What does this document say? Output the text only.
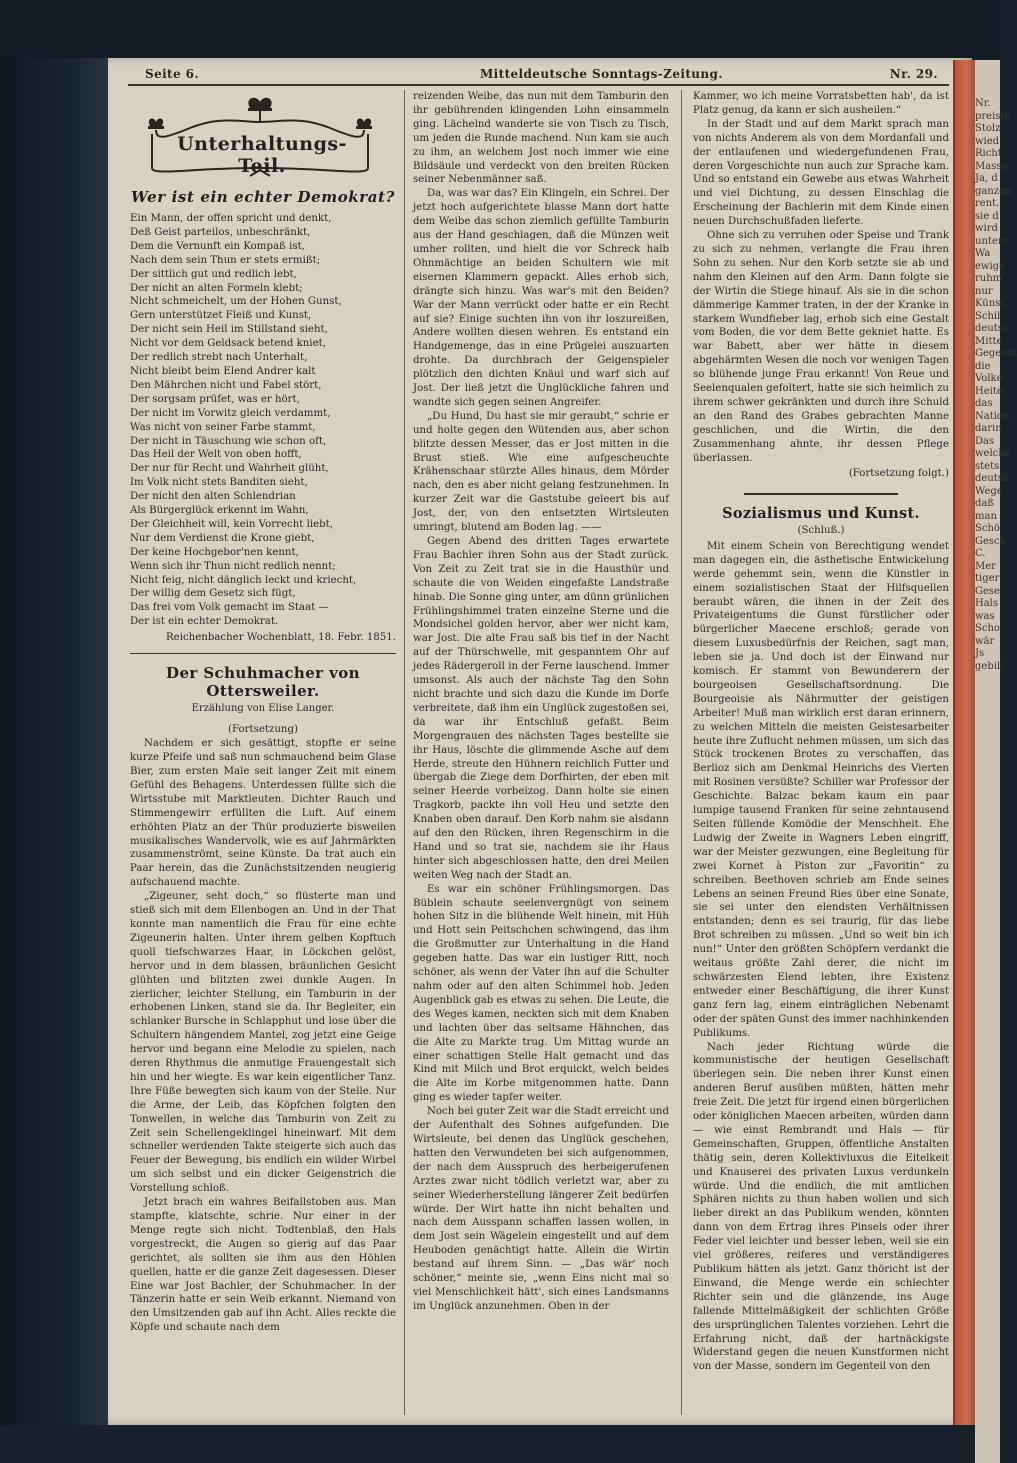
Nr.
preiste
Stolz
wied.
Richt
Masse
Ja, d
ganzen
rent.
sie d
wird
unters
Wa
ewige
ruhm
nur
Künst
Schil
deutsc
Mitte
Gegenst
die
Volke
Heite
das
Nation
darin
Das
welche
stets
deutsc
Wege
daß
man
Schö
Gesch
C.
Mer
tiger
Gese
Hals
was
Scho
wär
Js
gebili
Seite 6.	Mitteldeutsche Sonntags-Zeitung.	Nr. 29.
Unterhaltungs-Teil.
Wer ist ein echter Demokrat?
Ein Mann, der offen spricht und denkt,
Deß Geist parteilos, unbeschränkt,
Dem die Vernunft ein Kompaß ist,
Nach dem sein Thun er stets ermißt;
Der sittlich gut und redlich lebt,
Der nicht an alten Formeln klebt;
Nicht schmeichelt, um der Hohen Gunst,
Gern unterstützet Fleiß und Kunst,
Der nicht sein Heil im Stillstand sieht,
Nicht vor dem Geldsack betend kniet,
Der redlich strebt nach Unterhalt,
Nicht bleibt beim Elend Andrer kalt
Den Mährchen nicht und Fabel stört,
Der sorgsam prüfet, was er hört,
Der nicht im Vorwitz gleich verdammt,
Was nicht von seiner Farbe stammt,
Der nicht in Täuschung wie schon oft,
Das Heil der Welt von oben hofft,
Der nur für Recht und Wahrheit glüht,
Im Volk nicht stets Banditen sieht,
Der nicht den alten Schlendrian
Als Bürgerglück erkennt im Wahn,
Der Gleichheit will, kein Vorrecht liebt,
Nur dem Verdienst die Krone giebt,
Der keine Hochgebor'nen kennt,
Wenn sich ihr Thun nicht redlich nennt;
Nicht feig, nicht dänglich leckt und kriecht,
Der willig dem Gesetz sich fügt,
Das frei vom Volk gemacht im Staat —
Der ist ein echter Demokrat.
Reichenbacher Wochenblatt, 18. Febr. 1851.
Der Schuhmacher von Ottersweiler.
Erzählung von Elise Langer.
(Fortsetzung)

Nachdem er sich gesättigt, stopfte er seine kurze Pfeife und saß nun schmauchend beim Glase Bier, zum ersten Male seit langer Zeit mit einem Gefühl des Behagens. Unterdessen füllte sich die Wirtsstube mit Marktleuten. Dichter Rauch und Stimmengewirr erfüllten die Luft. Auf einem erhöhten Platz an der Thür produzierte bisweilen musikalisches Wandervolk, wie es auf Jahrmärkten zusammenströmt, seine Künste. Da trat auch ein Paar herein, das die Zunächstsitzenden neugierig aufschauend machte.

„Zigeuner, seht doch,“ so flüsterte man und stieß sich mit dem Ellenbogen an. Und in der That konnte man namentlich die Frau für eine echte Zigeunerin halten. Unter ihrem gelben Kopftuch quoll tiefschwarzes Haar, in Löckchen gelöst, hervor und in dem blassen, bräunlichen Gesicht glühten und blitzten zwei dunkle Augen. In zierlicher, leichter Stellung, ein Tamburin in der erhobenen Linken, stand sie da. Ihr Begleiter, ein schlanker Bursche in Schlapphut und lose über die Schultern hängendem Mantel, zog jetzt eine Geige hervor und begann eine Melodie zu spielen, nach deren Rhythmus die anmutige Frauengestalt sich hin und her wiegte. Es war kein eigentlicher Tanz. Ihre Füße bewegten sich kaum von der Stelle. Nur die Arme, der Leib, das Köpfchen folgten den Tonwellen, in welche das Tamburin von Zeit zu Zeit sein Schellengeklingel hineinwarf. Mit dem schneller werdenden Takte steigerte sich auch das Feuer der Bewegung, bis endlich ein wilder Wirbel um sich selbst und ein dicker Geigenstrich die Vorstellung schloß.

Jetzt brach ein wahres Beifallstoben aus. Man stampfte, klatschte, schrie. Nur einer in der Menge regte sich nicht. Todtenblaß, den Hals vorgestreckt, die Augen so gierig auf das Paar gerichtet, als sollten sie ihm aus den Höhlen quellen, hatte er die ganze Zeit dagesessen. Dieser Eine war Jost Bachler, der Schuhmacher. In der Tänzerin hatte er sein Weib erkannt. Niemand von den Umsitzenden gab auf ihn Acht. Alles reckte die Köpfe und schaute nach dem

reizenden Weibe, das nun mit dem Tamburin den ihr gebührenden klingenden Lohn einsammeln ging. Lächelnd wanderte sie von Tisch zu Tisch, um jeden die Runde machend. Nun kam sie auch zu ihm, an welchem Jost noch immer wie eine Bildsäule und verdeckt von den breiten Rücken seiner Nebenmänner saß.

Da, was war das? Ein Klingeln, ein Schrei. Der jetzt hoch aufgerichtete blasse Mann dort hatte dem Weibe das schon ziemlich gefüllte Tamburin aus der Hand geschlagen, daß die Münzen weit umher rollten, und hielt die vor Schreck halb Ohnmächtige an beiden Schultern wie mit eisernen Klammern gepackt. Alles erhob sich, drängte sich hinzu. Was war's mit den Beiden? War der Mann verrückt oder hatte er ein Recht auf sie? Einige suchten ihn von ihr loszureißen, Andere wollten diesen wehren. Es entstand ein Handgemenge, das in eine Prügelei auszuarten drohte. Da durchbrach der Geigenspieler plötzlich den dichten Knäul und warf sich auf Jost. Der ließ jetzt die Unglückliche fahren und wandte sich gegen seinen Angreifer.

„Du Hund, Du hast sie mir geraubt,“ schrie er und holte gegen den Wütenden aus, aber schon blitzte dessen Messer, das er Jost mitten in die Brust stieß. Wie eine aufgescheuchte Krähenschaar stürzte Alles hinaus, dem Mörder nach, den es aber nicht gelang festzunehmen. In kurzer Zeit war die Gaststube geleert bis auf Jost, der, von den entsetzten Wirtsleuten umringt, blutend am Boden lag. ——

Gegen Abend des dritten Tages erwartete Frau Bachler ihren Sohn aus der Stadt zurück. Von Zeit zu Zeit trat sie in die Hausthür und schaute die von Weiden eingefaßte Landstraße hinab. Die Sonne ging unter, am dünn grünlichen Frühlingshimmel traten einzelne Sterne und die Mondsichel golden hervor, aber wer nicht kam, war Jost. Die alte Frau saß bis tief in der Nacht auf der Thürschwelle, mit gespanntem Ohr auf jedes Rädergeroll in der Ferne lauschend. Immer umsonst. Als auch der nächste Tag den Sohn nicht brachte und sich dazu die Kunde im Dorfe verbreitete, daß ihm ein Unglück zugestoßen sei, da war ihr Entschluß gefaßt. Beim Morgengrauen des nächsten Tages bestellte sie ihr Haus, löschte die glimmende Asche auf dem Herde, streute den Hühnern reichlich Futter und übergab die Ziege dem Dorfhirten, der eben mit seiner Heerde vorbeizog. Dann holte sie einen Tragkorb, packte ihn voll Heu und setzte den Knaben oben darauf. Den Korb nahm sie alsdann auf den den Rücken, ihren Regenschirm in die Hand und so trat sie, nachdem sie ihr Haus hinter sich abgeschlossen hatte, den drei Meilen weiten Weg nach der Stadt an.

Es war ein schöner Frühlingsmorgen. Das Büblein schaute seelenvergnügt von seinem hohen Sitz in die blühende Welt hinein, mit Hüh und Hott sein Peitschchen schwingend, das ihm die Großmutter zur Unterhaltung in die Hand gegeben hatte. Das war ein lustiger Ritt, noch schöner, als wenn der Vater ihn auf die Schulter nahm oder auf den alten Schimmel hob. Jeden Augenblick gab es etwas zu sehen. Die Leute, die des Weges kamen, neckten sich mit dem Knaben und lachten über das seltsame Hähnchen, das die Alte zu Markte trug. Um Mittag wurde an einer schattigen Stelle Halt gemacht und das Kind mit Milch und Brot erquickt, welch beides die Alte im Korbe mitgenommen hatte. Dann ging es wieder tapfer weiter.

Noch bei guter Zeit war die Stadt erreicht und der Aufenthalt des Sohnes aufgefunden. Die Wirtsleute, bei denen das Unglück geschehen, hatten den Verwundeten bei sich aufgenommen, der nach dem Ausspruch des herbeigerufenen Arztes zwar nicht tödlich verletzt war, aber zu seiner Wiederherstellung längerer Zeit bedürfen würde. Der Wirt hatte ihn nicht behalten und nach dem Ausspann schaffen lassen wollen, in dem Jost sein Wägelein eingestellt und auf dem Heuboden genächtigt hatte. Allein die Wirtin bestand auf ihrem Sinn. — „Das wär' noch schöner,“ meinte sie, „wenn Eins nicht mal so viel Menschlichkeit hätt', sich eines Landsmanns im Unglück anzunehmen. Oben in der

Kammer, wo ich meine Vorratsbetten hab', da ist Platz genug, da kann er sich ausheilen.“

In der Stadt und auf dem Markt sprach man von nichts Anderem als von dem Mordanfall und der entlaufenen und wiedergefundenen Frau, deren Vorgeschichte nun auch zur Sprache kam. Und so entstand ein Gewebe aus etwas Wahrheit und viel Dichtung, zu dessen Einschlag die Erscheinung der Bachlerin mit dem Kinde einen neuen Durchschußfaden lieferte.

Ohne sich zu verruhen oder Speise und Trank zu sich zu nehmen, verlangte die Frau ihren Sohn zu sehen. Nur den Korb setzte sie ab und nahm den Kleinen auf den Arm. Dann folgte sie der Wirtin die Stiege hinauf. Als sie in die schon dämmerige Kammer traten, in der der Kranke in starkem Wundfieber lag, erhob sich eine Gestalt vom Boden, die vor dem Bette gekniet hatte. Es war Babett, aber wer hätte in diesem abgehärmten Wesen die noch vor wenigen Tagen so blühende junge Frau erkannt! Von Reue und Seelenqualen gefoltert, hatte sie sich heimlich zu ihrem schwer gekränkten und durch ihre Schuld an den Rand des Grabes gebrachten Manne geschlichen, und die Wirtin, die den Zusammenhang ahnte, ihr dessen Pflege überlassen.

(Fortsetzung folgt.)

Sozialismus und Kunst.
(Schluß.)

Mit einem Schein von Berechtigung wendet man dagegen ein, die ästhetische Entwickelung werde gehemmt sein, wenn die Künstler in einem sozialistischen Staat der Hilfsquellen beraubt wären, die ihnen in der Zeit des Privateigentums die Gunst fürstlicher oder bürgerlicher Maecene erschloß; gerade von diesem Luxusbedürfnis der Reichen, sagt man, leben sie ja. Und doch ist der Einwand nur komisch. Er stammt von Bewunderern der bourgeoisen Gesellschaftsordnung. Die Bourgeoisie als Nährmutter der geistigen Arbeiter! Muß man wirklich erst daran erinnern, zu welchen Mitteln die meisten Geistesarbeiter heute ihre Zuflucht nehmen müssen, um sich das Stück trockenen Brotes zu verschaffen, das Berlioz sich am Denkmal Heinrichs des Vierten mit Rosinen versüßte? Schiller war Professor der Geschichte. Balzac bekam kaum ein paar lumpige tausend Franken für seine zehntausend Seiten füllende Komödie der Menschheit. Ehe Ludwig der Zweite in Wagners Leben eingriff, war der Meister gezwungen, eine Begleitung für zwei Kornet à Piston zur „Favoritin“ zu schreiben. Beethoven schrieb am Ende seines Lebens an seinen Freund Ries über eine Sonate, sie sei unter den elendsten Verhältnissen entstanden; denn es sei traurig, für das liebe Brot schreiben zu müssen. „Und so weit bin ich nun!“ Unter den größten Schöpfern verdankt die weitaus größte Zahl derer, die nicht im schwärzesten Elend lebten, ihre Existenz entweder einer Beschäftigung, die ihrer Kunst ganz fern lag, einem einträglichen Nebenamt oder der späten Gunst des immer nachhinkenden Publikums.

Nach jeder Richtung würde die kommunistische der heutigen Gesellschaft überlegen sein. Die neben ihrer Kunst einen anderen Beruf ausüben müßten, hätten mehr freie Zeit. Die jetzt für irgend einen bürgerlichen oder königlichen Maecen arbeiten, würden dann — wie einst Rembrandt und Hals — für Gemeinschaften, Gruppen, öffentliche Anstalten thätig sein, deren Kollektivluxus die Eitelkeit und Knauserei des privaten Luxus verdunkeln würde. Und die endlich, die mit amtlichen Sphären nichts zu thun haben wollen und sich lieber direkt an das Publikum wenden, könnten dann von dem Ertrag ihres Pinsels oder ihrer Feder viel leichter und besser leben, weil sie ein viel größeres, reiferes und verständigeres Publikum hätten als jetzt. Ganz thöricht ist der Einwand, die Menge werde ein schlechter Richter sein und die glänzende, ins Auge fallende Mittelmäßigkeit der schlichten Größe des ursprünglichen Talentes vorziehen. Lehrt die Erfahrung nicht, daß der hartnäckigste Widerstand gegen die neuen Kunstformen nicht von der Masse, sondern im Gegenteil von den
